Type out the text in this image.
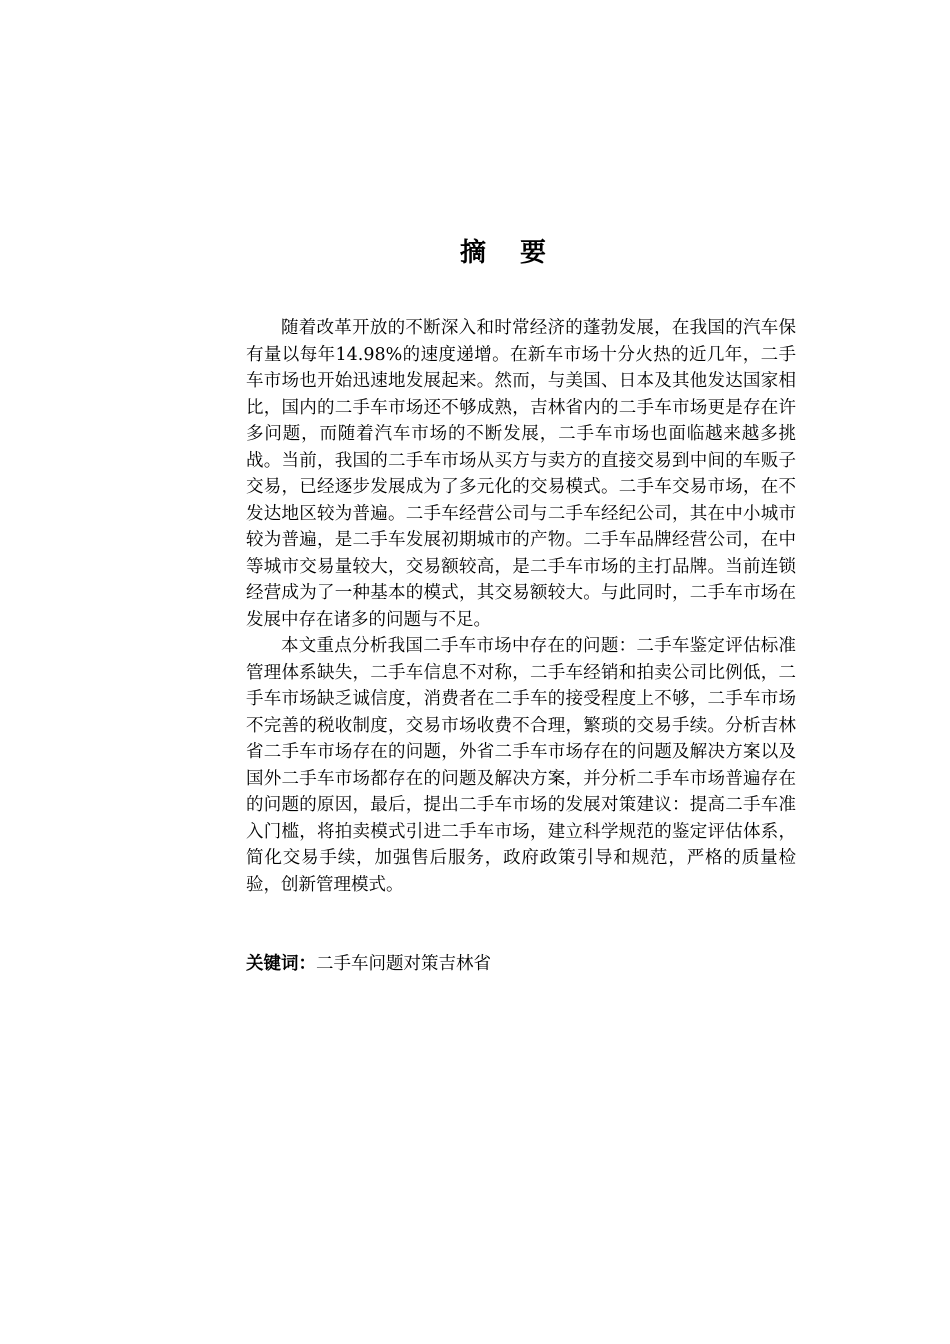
摘要

随着改革开放的不断深入和时常经济的蓬勃发展，在我国的汽车保有量以每年14.98%的速度递增。在新车市场十分火热的近几年，二手车市场也开始迅速地发展起来。然而，与美国、日本及其他发达国家相比，国内的二手车市场还不够成熟，吉林省内的二手车市场更是存在许多问题，而随着汽车市场的不断发展，二手车市场也面临越来越多挑战。当前，我国的二手车市场从买方与卖方的直接交易到中间的车贩子交易，已经逐步发展成为了多元化的交易模式。二手车交易市场，在不发达地区较为普遍。二手车经营公司与二手车经纪公司，其在中小城市较为普遍，是二手车发展初期城市的产物。二手车品牌经营公司，在中等城市交易量较大，交易额较高，是二手车市场的主打品牌。当前连锁经营成为了一种基本的模式，其交易额较大。与此同时，二手车市场在发展中存在诸多的问题与不足。

本文重点分析我国二手车市场中存在的问题：二手车鉴定评估标准管理体系缺失，二手车信息不对称，二手车经销和拍卖公司比例低，二手车市场缺乏诚信度，消费者在二手车的接受程度上不够，二手车市场不完善的税收制度，交易市场收费不合理，繁琐的交易手续。分析吉林省二手车市场存在的问题，外省二手车市场存在的问题及解决方案以及国外二手车市场都存在的问题及解决方案，并分析二手车市场普遍存在的问题的原因，最后，提出二手车市场的发展对策建议：提高二手车准入门槛，将拍卖模式引进二手车市场，建立科学规范的鉴定评估体系，简化交易手续，加强售后服务，政府政策引导和规范，严格的质量检验，创新管理模式。

关键词：二手车问题对策吉林省
